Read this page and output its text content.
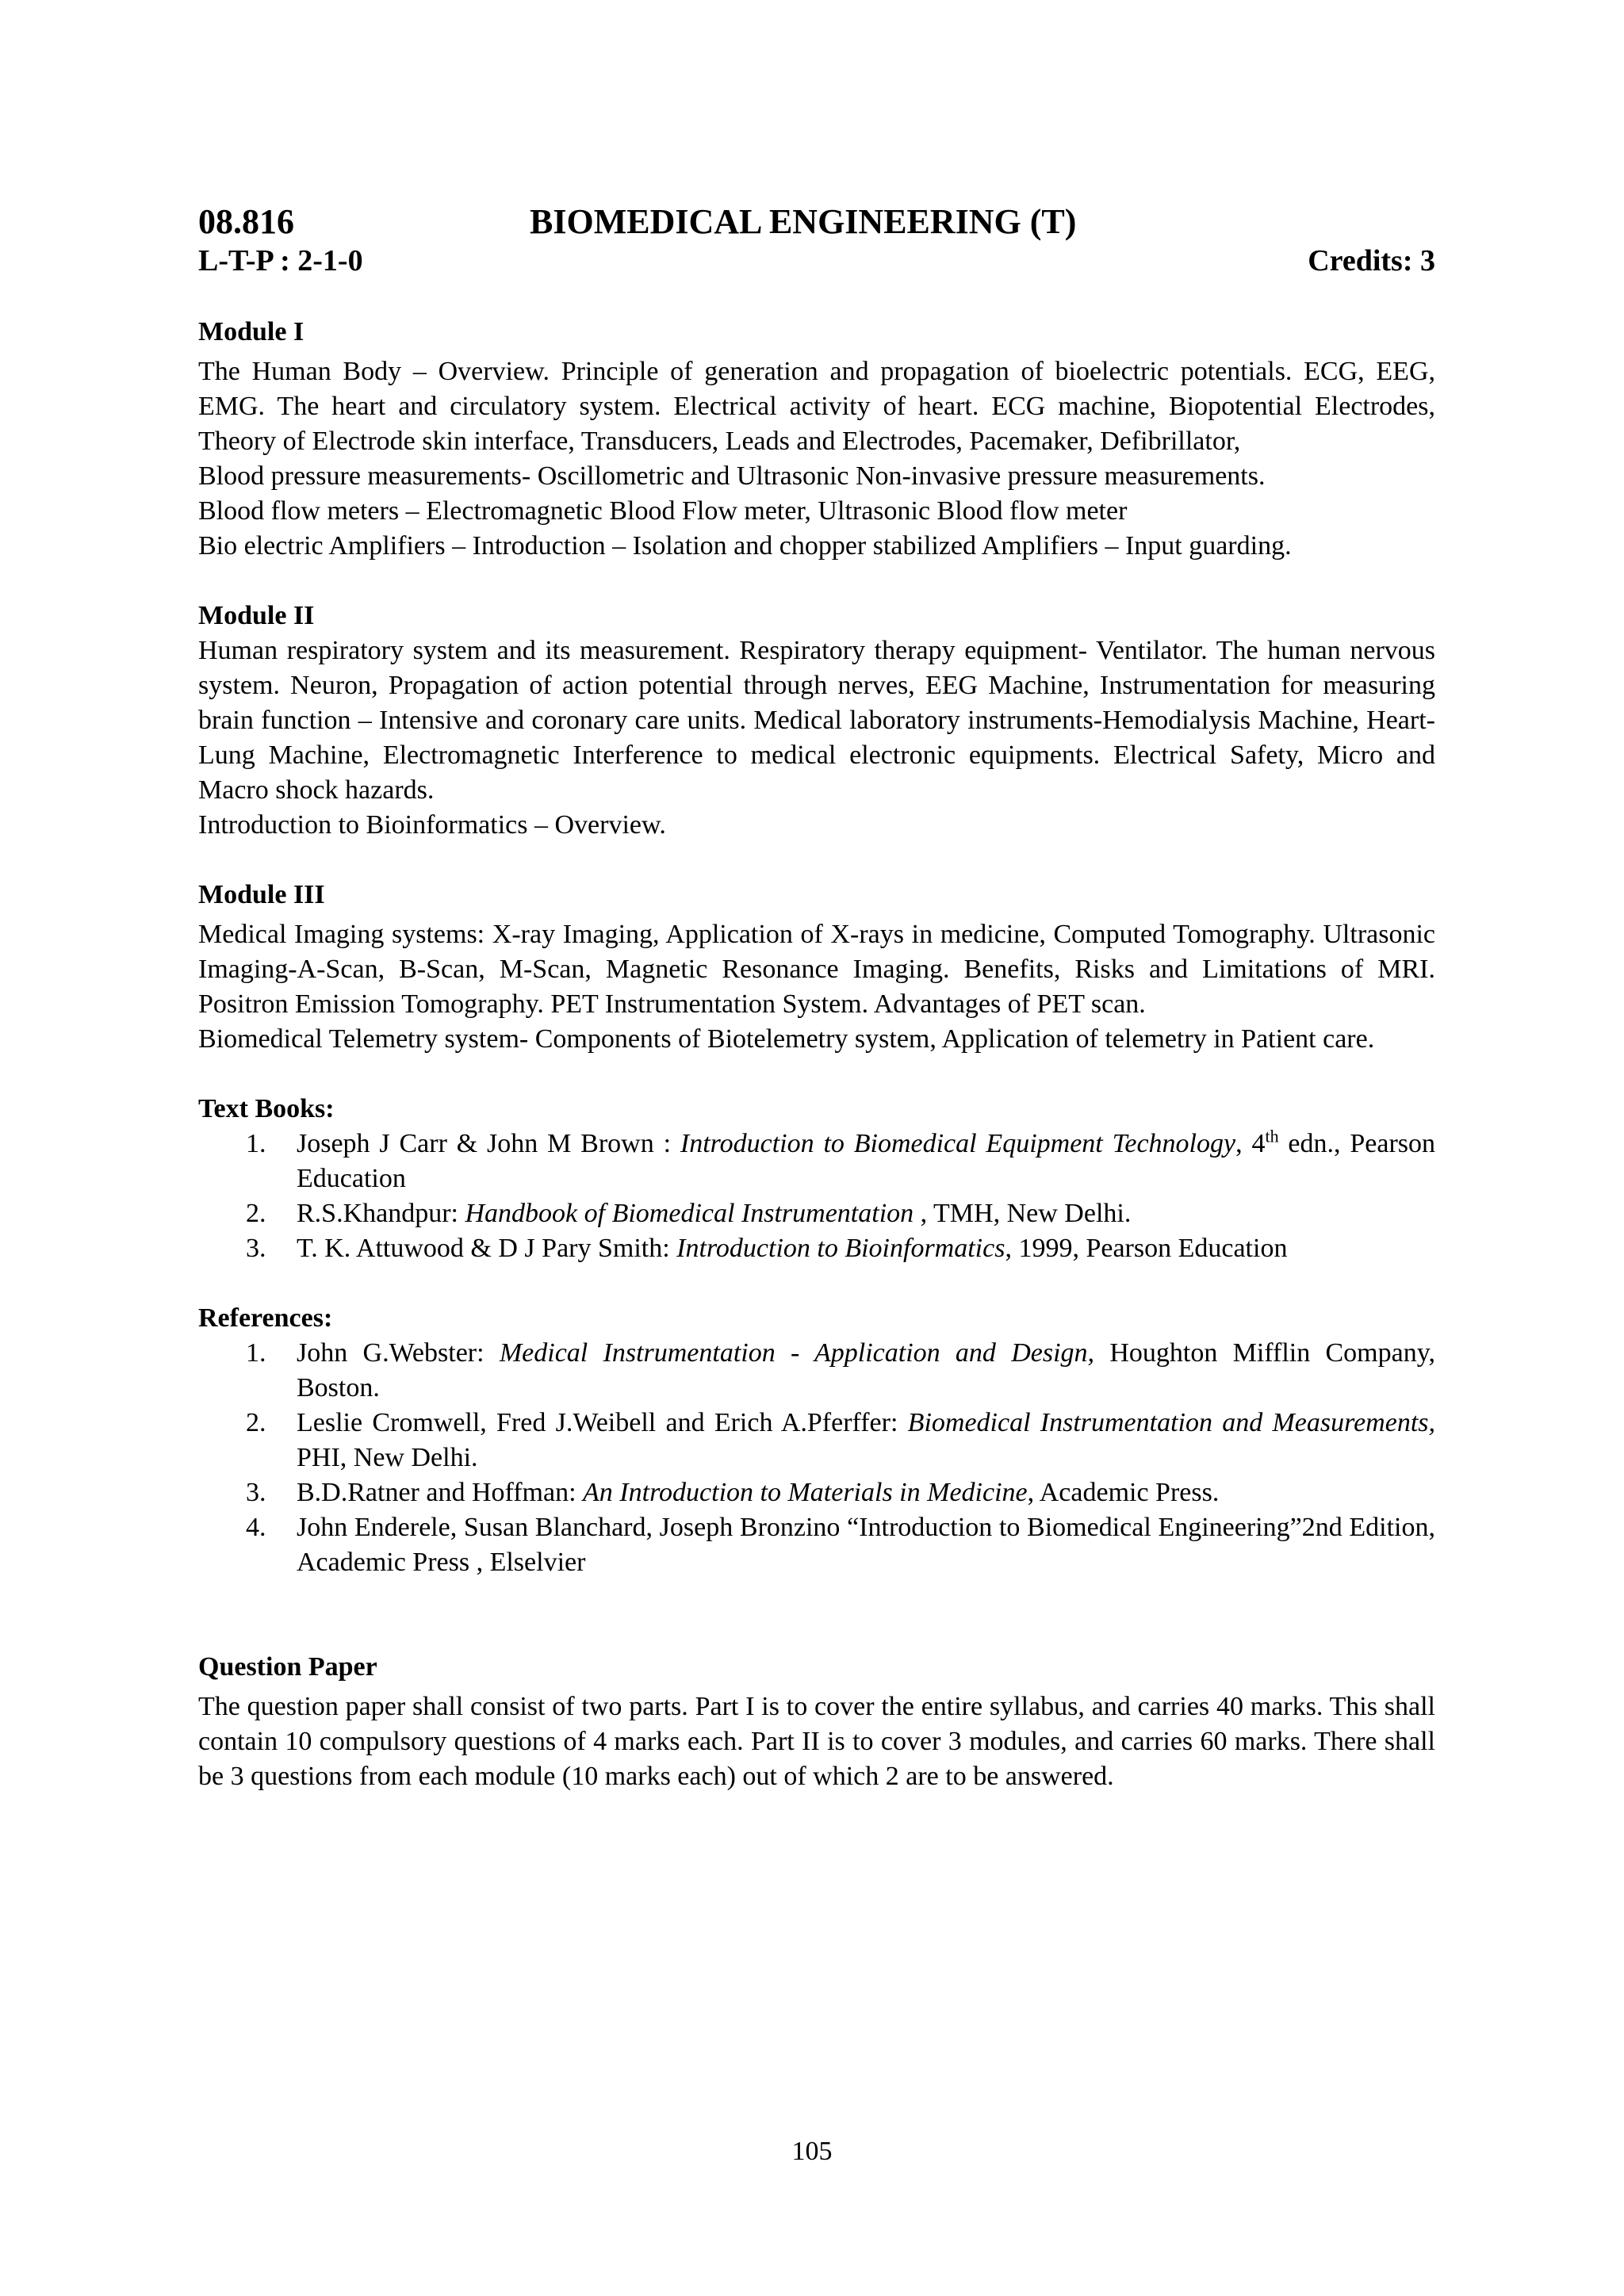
08.816	BIOMEDICAL ENGINEERING (T)
L-T-P : 2-1-0	Credits: 3
Module I

The Human Body – Overview. Principle of generation and propagation of bioelectric potentials. ECG, EEG, EMG. The heart and circulatory system. Electrical activity of heart. ECG machine, Biopotential Electrodes, Theory of Electrode skin interface, Transducers, Leads and Electrodes, Pacemaker, Defibrillator,

Blood pressure measurements- Oscillometric and Ultrasonic Non-invasive pressure measurements.
Blood flow meters – Electromagnetic Blood Flow meter, Ultrasonic Blood flow meter
Bio electric Amplifiers – Introduction – Isolation and chopper stabilized Amplifiers – Input guarding.
Module II

Human respiratory system and its measurement. Respiratory therapy equipment- Ventilator. The human nervous system. Neuron, Propagation of action potential through nerves, EEG Machine, Instrumentation for measuring brain function – Intensive and coronary care units. Medical laboratory instruments-Hemodialysis Machine, Heart-Lung Machine, Electromagnetic Interference to medical electronic equipments. Electrical Safety, Micro and Macro shock hazards.

Introduction to Bioinformatics – Overview.
Module III

Medical Imaging systems: X-ray Imaging, Application of X-rays in medicine, Computed Tomography. Ultrasonic Imaging-A-Scan, B-Scan, M-Scan, Magnetic Resonance Imaging. Benefits, Risks and Limitations of MRI. Positron Emission Tomography. PET Instrumentation System. Advantages of PET scan.

Biomedical Telemetry system- Components of Biotelemetry system, Application of telemetry in Patient care.

Text Books:
1. Joseph J Carr & John M Brown : Introduction to Biomedical Equipment Technology, 4th edn., Pearson Education
2. R.S.Khandpur: Handbook of Biomedical Instrumentation , TMH, New Delhi.
3. T. K. Attuwood & D J Pary Smith: Introduction to Bioinformatics, 1999, Pearson Education
References:
1. John G.Webster: Medical Instrumentation - Application and Design, Houghton Mifflin Company, Boston.
2. Leslie Cromwell, Fred J.Weibell and Erich A.Pferffer: Biomedical Instrumentation and Measurements, PHI, New Delhi.
3. B.D.Ratner and Hoffman: An Introduction to Materials in Medicine, Academic Press.
4. John Enderele, Susan Blanchard, Joseph Bronzino “Introduction to Biomedical Engineering”2nd Edition, Academic Press , Elselvier
Question Paper

The question paper shall consist of two parts. Part I is to cover the entire syllabus, and carries 40 marks. This shall contain 10 compulsory questions of 4 marks each. Part II is to cover 3 modules, and carries 60 marks. There shall be 3 questions from each module (10 marks each) out of which 2 are to be answered.

105
